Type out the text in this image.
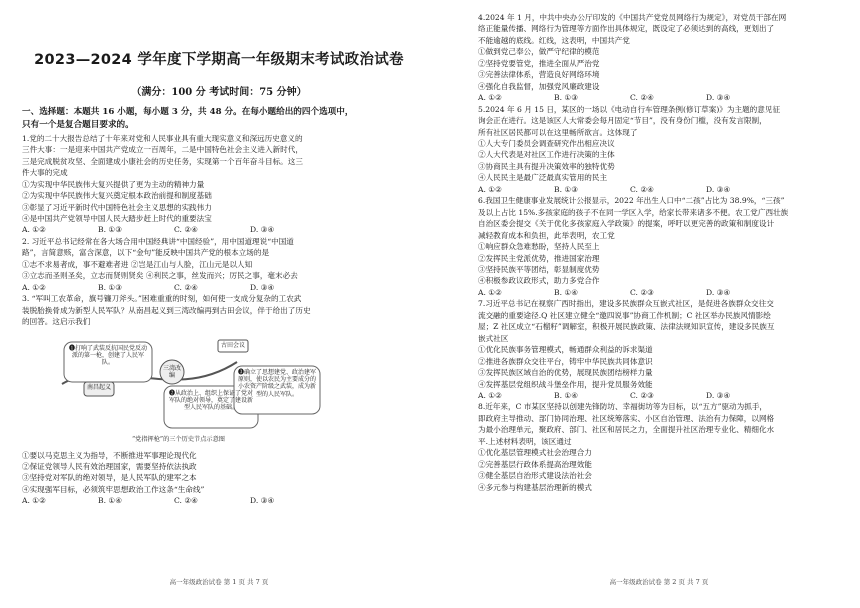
2023—2024 学年度下学期高一年级期末考试政治试卷
（满分：100 分 考试时间：75 分钟）
一、选择题：本题共 16 小题，每小题 3 分，共 48 分。在每小题给出的四个选项中，
只有一个是复合题目要求的。
1.党的二十大报告总结了十年来对党和人民事业具有重大现实意义和深远历史意义的
三件大事：一是迎来中国共产党成立一百周年，二是中国特色社会主义进入新时代，
三是完成脱贫攻坚、全面建成小康社会的历史任务，实现第一个百年奋斗目标。这三
件大事的完成
①为实现中华民族伟大复兴提供了更为主动的精神力量
②为实现中华民族伟大复兴奠定根本政治前提和制度基础
③彰显了习近平新时代中国特色社会主义思想的实践伟力
④是中国共产党领导中国人民大踏步赶上时代的重要法宝
A. ①②	B. ①③	C. ②④	D. ③④
2. 习近平总书记经常在各大场合用中国经典讲“中国经验”，用中国道理说“中国道
路”，言简意赅，富含深意，以下“金句”能反映中国共产党的根本立场的是
①志不求易者成，事不避难者进 ②岂是江山与人脸，江山元是以人知
③立志而圣则圣矣，立志而贤则贤矣 ④利民之事，丝发而兴；厉民之事，毫末必去
A. ①②	B. ①③	C. ②④	D. ③④
3. “军叫工农革命，旗号镰刀斧头。”困难重重的时刻，如何使一支成分复杂的工农武
装脱胎换骨成为新型人民军队？从南昌起义到三湾改编再到古田会议，伴于给出了历史
的回答。这启示我们
❶打响了武装反抗国民党反动派的第一枪，创建了人民军队。
南昌起义
三湾改编
古田会议
❷从政治上、组织上保证了党对军队的绝对领导，奠定了建设新型人民军队的基础。
❸确立了思想建党、政治建军原则，使以农民为主要成分的小农资产阶级之武装，成为新型的人民军队。
“党指挥枪”的三个历史节点示意图
①要以马克思主义为指导，不断推进军事理论现代化
②保证党领导人民有效治理国家，需要坚持依法执政
③坚持党对军队的绝对领导，是人民军队的建军之本
④实现强军目标，必须筑牢思想政治工作这条“生命线”
A. ①②	B. ①④	C. ②④	D. ③④
高一年级政治试卷 第 1 页 共 7 页
4.2024 年 1 月，中共中央办公厅印发的《中国共产党党员网络行为规定》，对党员干部在网
络正能量传播、网络行为管理等方面作出具体规定，既设定了必须达到的高线，更划出了
不能逾越的底线。红线，这表明，中国共产党
①做到党己奉公，做严守纪律的模范
②坚持党要管党，推进全面从严治党
③完善法律体系，营造良好网络环境
④强化自我监督，加强党风廉政建设
A. ①②	B. ①③	C. ②④	D. ③④
5.2024 年 6 月 15 日，某区的一场以《电动自行车管理条例(修订草案)》为主题的意见征
询会正在进行。这是该区人大常委会每月固定“节目”，没有身份门槛，没有发言限制，
所有社区居民都可以在这里畅所欲言。这体现了
①人大专门委员会调查研究作出相应决议
②人大代表是对社区工作进行决策的主体
③协商民主具有提升决策效率的独特优势
④人民民主是最广泛最真实管用的民主
A. ①②	B. ①③	C. ②④	D. ③④
6.我国卫生健康事业发展统计公报显示，2022 年出生人口中“二孩”占比为 38.9%，“三孩”
及以上占比 15%.多孩家庭的孩子不在同一学区入学，给家长带来诸多不便。农工党广西壮族
自治区委会提交《关于优化多孩家庭入学政策》的提案，呼吁以更完善的政策和制度设计
减轻教育成本和负担，此举表明，农工党
①响应群众急难愁盼，坚持人民至上
②发挥民主党派优势，推进国家治理
③坚持民族平等团结，彰显制度优势
④积极参政议政形式，助力多党合作
A. ①②	B. ①④	C. ②③	D. ③④
7.习近平总书记在视察广西时指出，建设多民族群众互嵌式社区，是促进各族群众交往交
流交融的重要途径.Q 社区建立健全“邀四说事”协商工作机制；C 社区举办民族风情影绘
屋；Z 社区成立“石榴籽”调解室，积极开展民族政策、法律法规知识宣传，建设多民族互
嵌式社区
①优化民族事务管理模式，畅通群众利益的诉求渠道
②推进各族群众交往平台，铸牢中华民族共同体意识
③发挥民族区域自治的优势，展现民族团结榜样力量
④发挥基层党组织战斗堡垒作用，提升党员服务效能
A. ①②	B. ①④	C. ②③	D. ③④
8.近年来，C 市某区坚持以创建先锋防坊、幸福街坊等为目标，以“五方”驱动为抓手，
即政府主导推动、部门协同治理、社区统筹落实、小区自治管理、法治有力保障，以网格
为最小治理单元，聚政府、部门、社区和居民之力，全面提升社区治理专业化、精细化水
平.上述材料表明，该区通过
①优化基层管理模式社会治理合力
②完善基层行政体系提高治理效能
③健全基层自治形式建设法治社会
④多元参与构建基层治理新的模式
高一年级政治试卷 第 2 页 共 7 页
